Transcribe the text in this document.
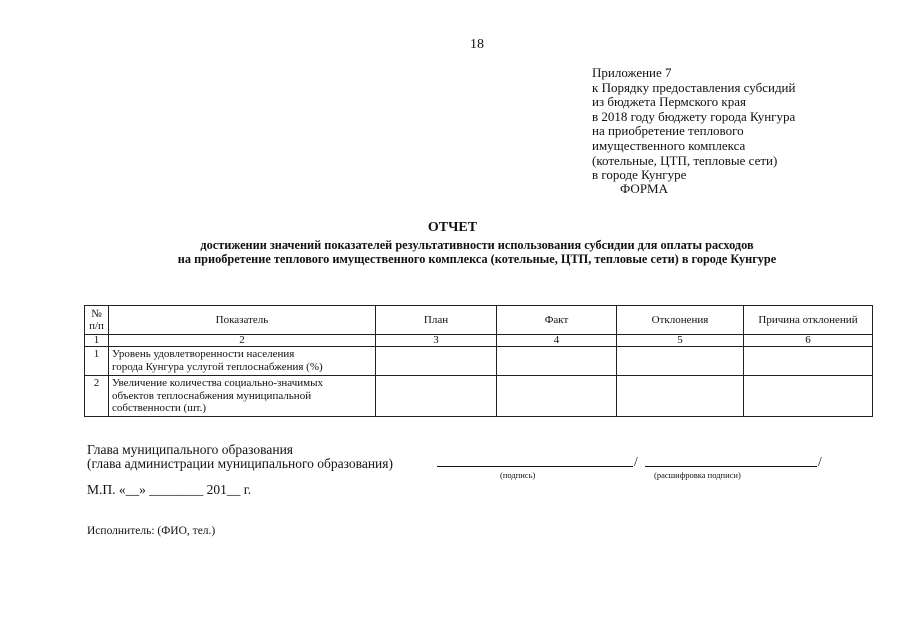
18
Приложение 7
к Порядку предоставления субсидий
из бюджета Пермского края
в 2018 году бюджету города Кунгура
на приобретение теплового
имущественного комплекса
(котельные, ЦТП, тепловые сети)
в городе Кунгуре
ФОРМА
ОТЧЕТ
достижении значений показателей результативности использования субсидии для оплаты расходов
на приобретение теплового имущественного комплекса (котельные, ЦТП, тепловые сети) в городе Кунгуре
№
п/п	Показатель	План	Факт	Отклонения	Причина отклонений
1	2	3	4	5	6
1	Уровень удовлетворенности населения
города Кунгура услугой теплоснабжения (%)				

2	Увеличение количества социально-значимых
объектов теплоснабжения муниципальной
собственности (шт.)				

Глава муниципального образования
(глава администрации муниципального образования)	/	/
(подпись)	(расшифровка подписи)
М.П. «__» ________ 201__ г.
Исполнитель: (ФИО, тел.)
